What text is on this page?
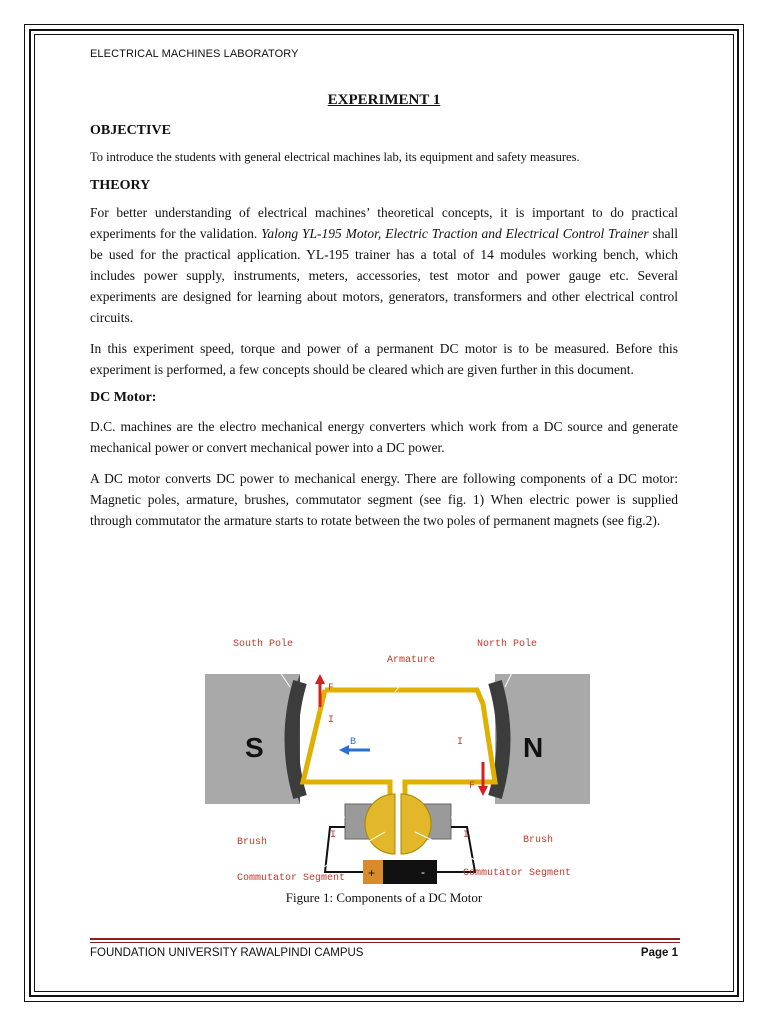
ELECTRICAL MACHINES LABORATORY
EXPERIMENT 1
OBJECTIVE

To introduce the students with general electrical machines lab, its equipment and safety measures.

THEORY

For better understanding of electrical machines’ theoretical concepts, it is important to do practical experiments for the validation. Yalong YL-195 Motor, Electric Traction and Electrical Control Trainer shall be used for the practical application. YL-195 trainer has a total of 14 modules working bench, which includes power supply, instruments, meters, accessories, test motor and power gauge etc. Several experiments are designed for learning about motors, generators, transformers and other electrical control circuits.

In this experiment speed, torque and power of a permanent DC motor is to be measured. Before this experiment is performed, a few concepts should be cleared which are given further in this document.

DC Motor:

D.C. machines are the electro mechanical energy converters which work from a DC source and generate mechanical power or convert mechanical power into a DC power.

A DC motor converts DC power to mechanical energy. There are following components of a DC motor: Magnetic poles, armature, brushes, commutator segment (see fig. 1) When electric power is supplied through commutator the armature starts to rotate between the two poles of permanent magnets (see fig.2).

S	N
B
F
F
I
I
I	I
+	-
South Pole	North Pole
Armature
Brush	Brush
Commutator Segment	Commutator Segment
Figure 1: Components of a DC Motor
FOUNDATION UNIVERSITY RAWALPINDI CAMPUS	Page 1
